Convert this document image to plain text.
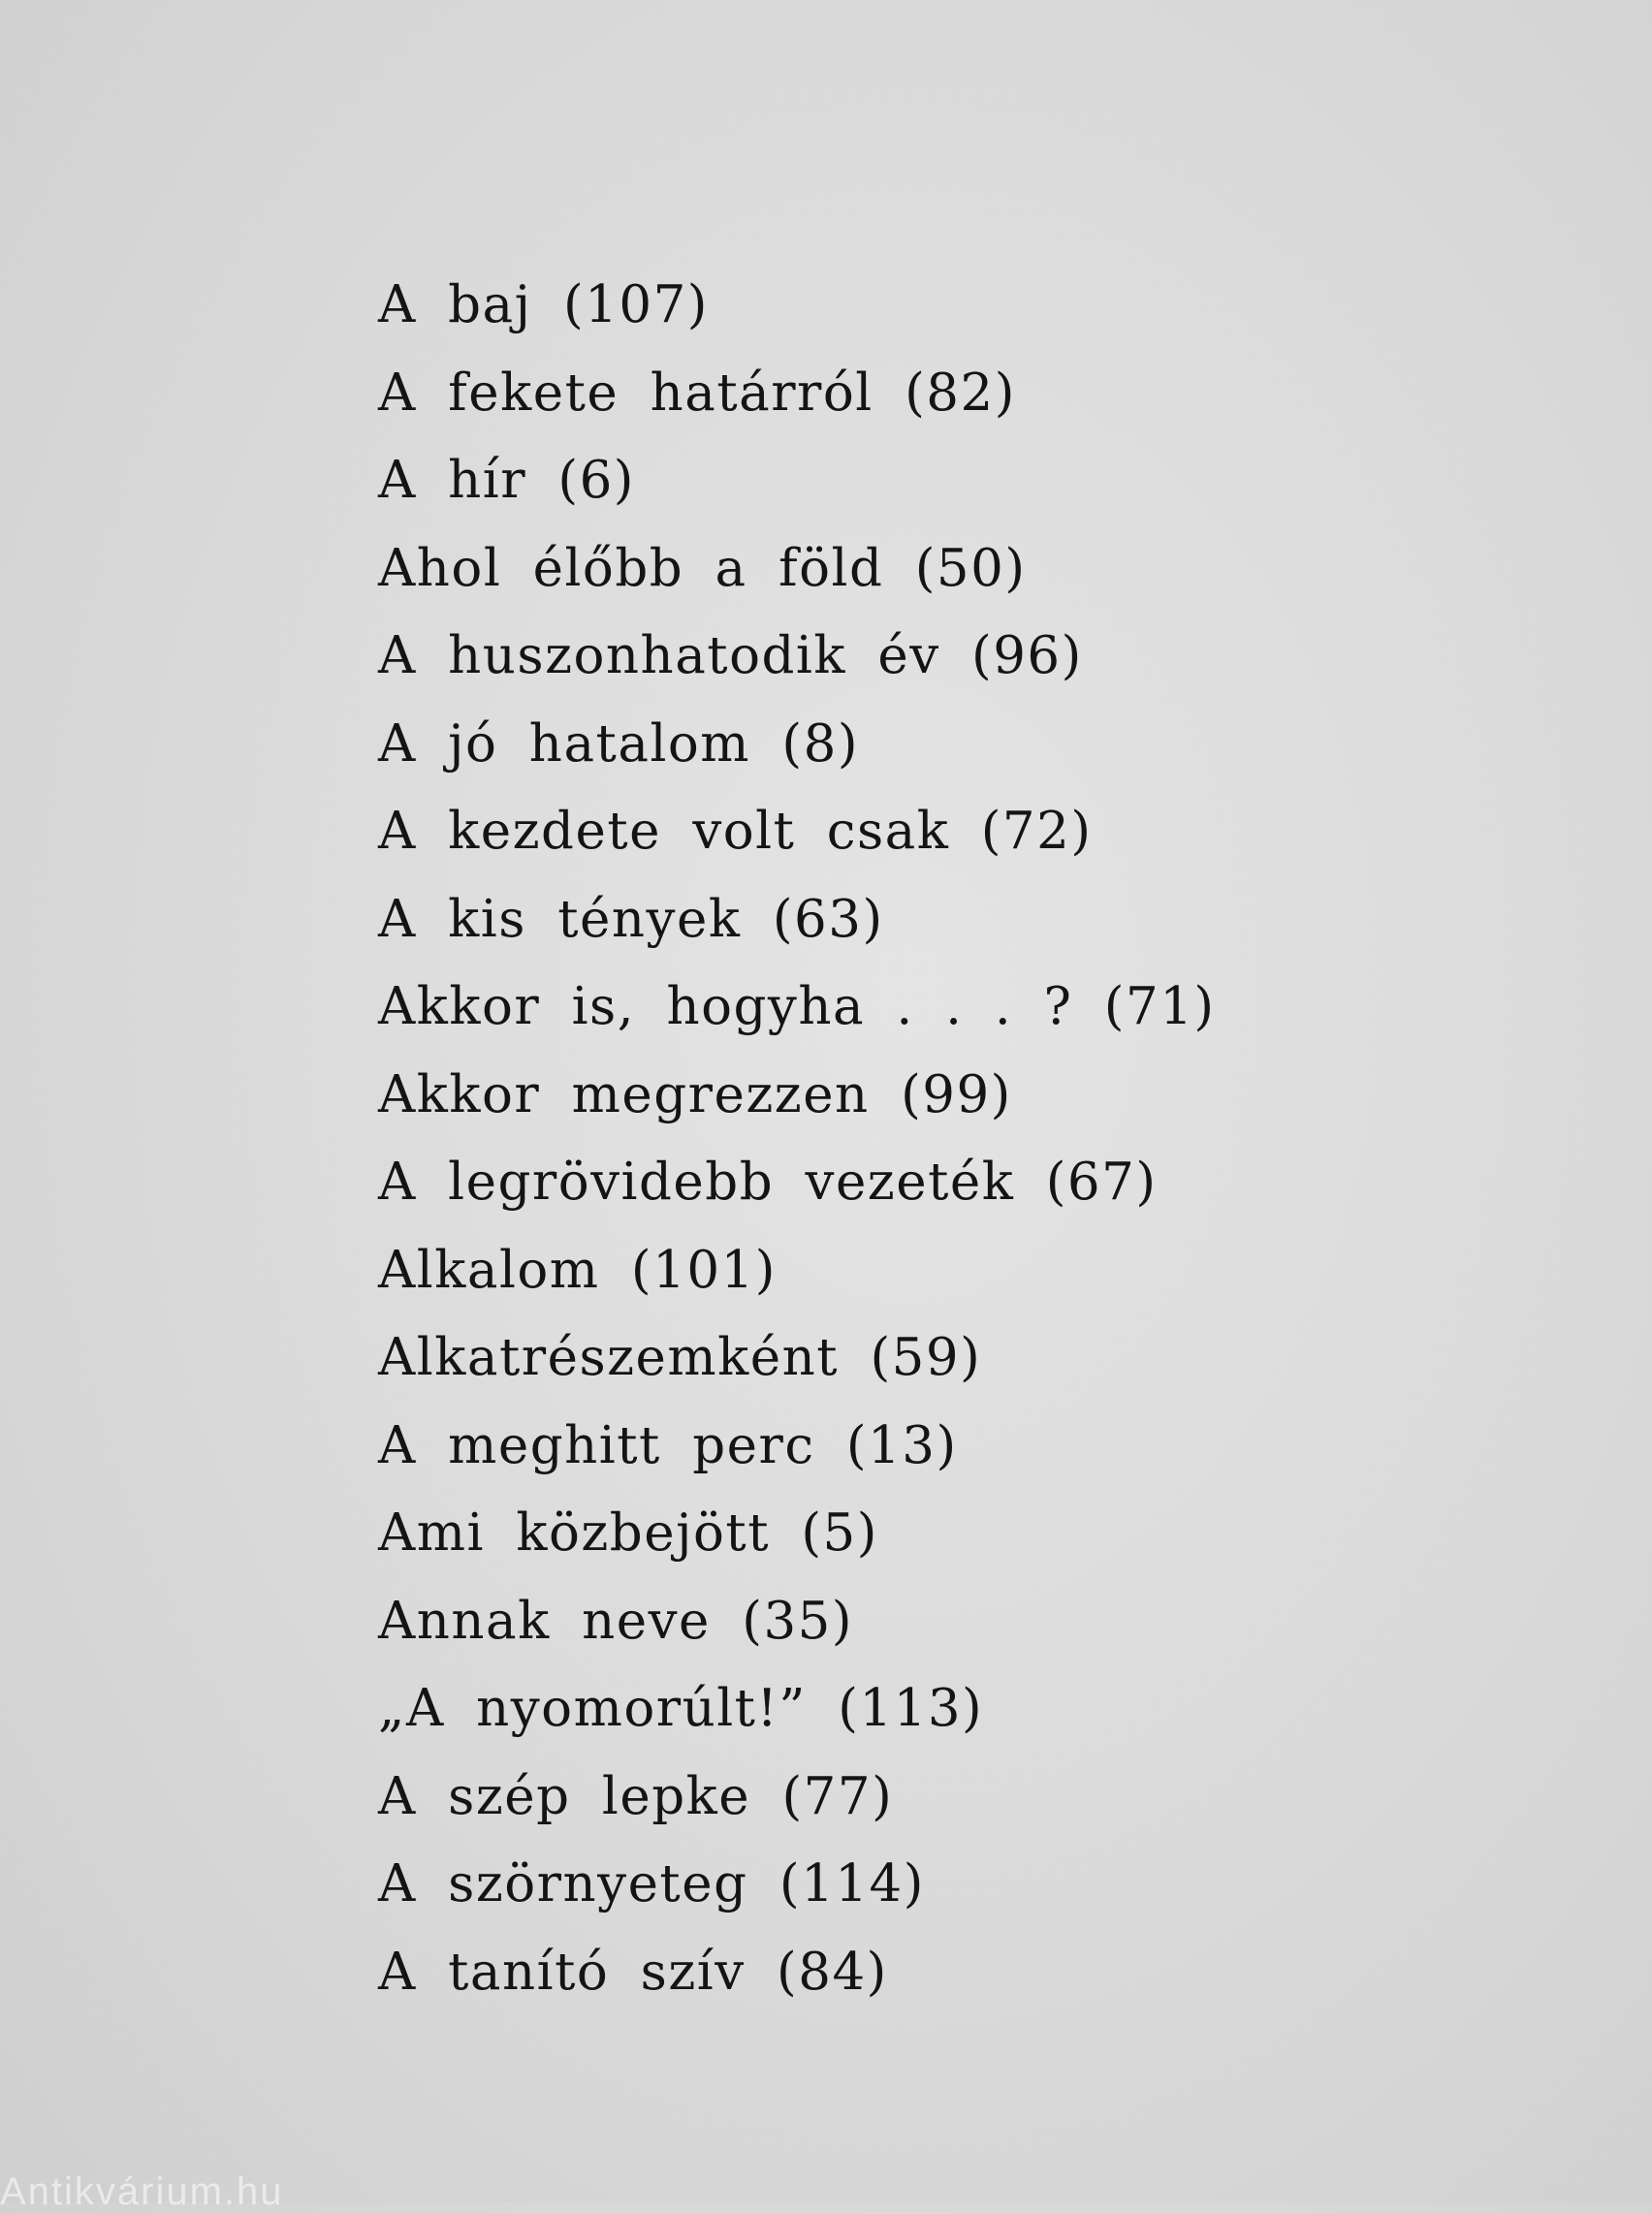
A baj (107)
A fekete határról (82)
A hír (6)
Ahol élőbb a föld (50)
A huszonhatodik év (96)
A jó hatalom (8)
A kezdete volt csak (72)
A kis tények (63)
Akkor is, hogyha . . . ? (71)
Akkor megrezzen (99)
A legrövidebb vezeték (67)
Alkalom (101)
Alkatrészemként (59)
A meghitt perc (13)
Ami közbejött (5)
Annak neve (35)
„A nyomorúlt!” (113)
A szép lepke (77)
A szörnyeteg (114)
A tanító szív (84)
Antikvárium.hu
